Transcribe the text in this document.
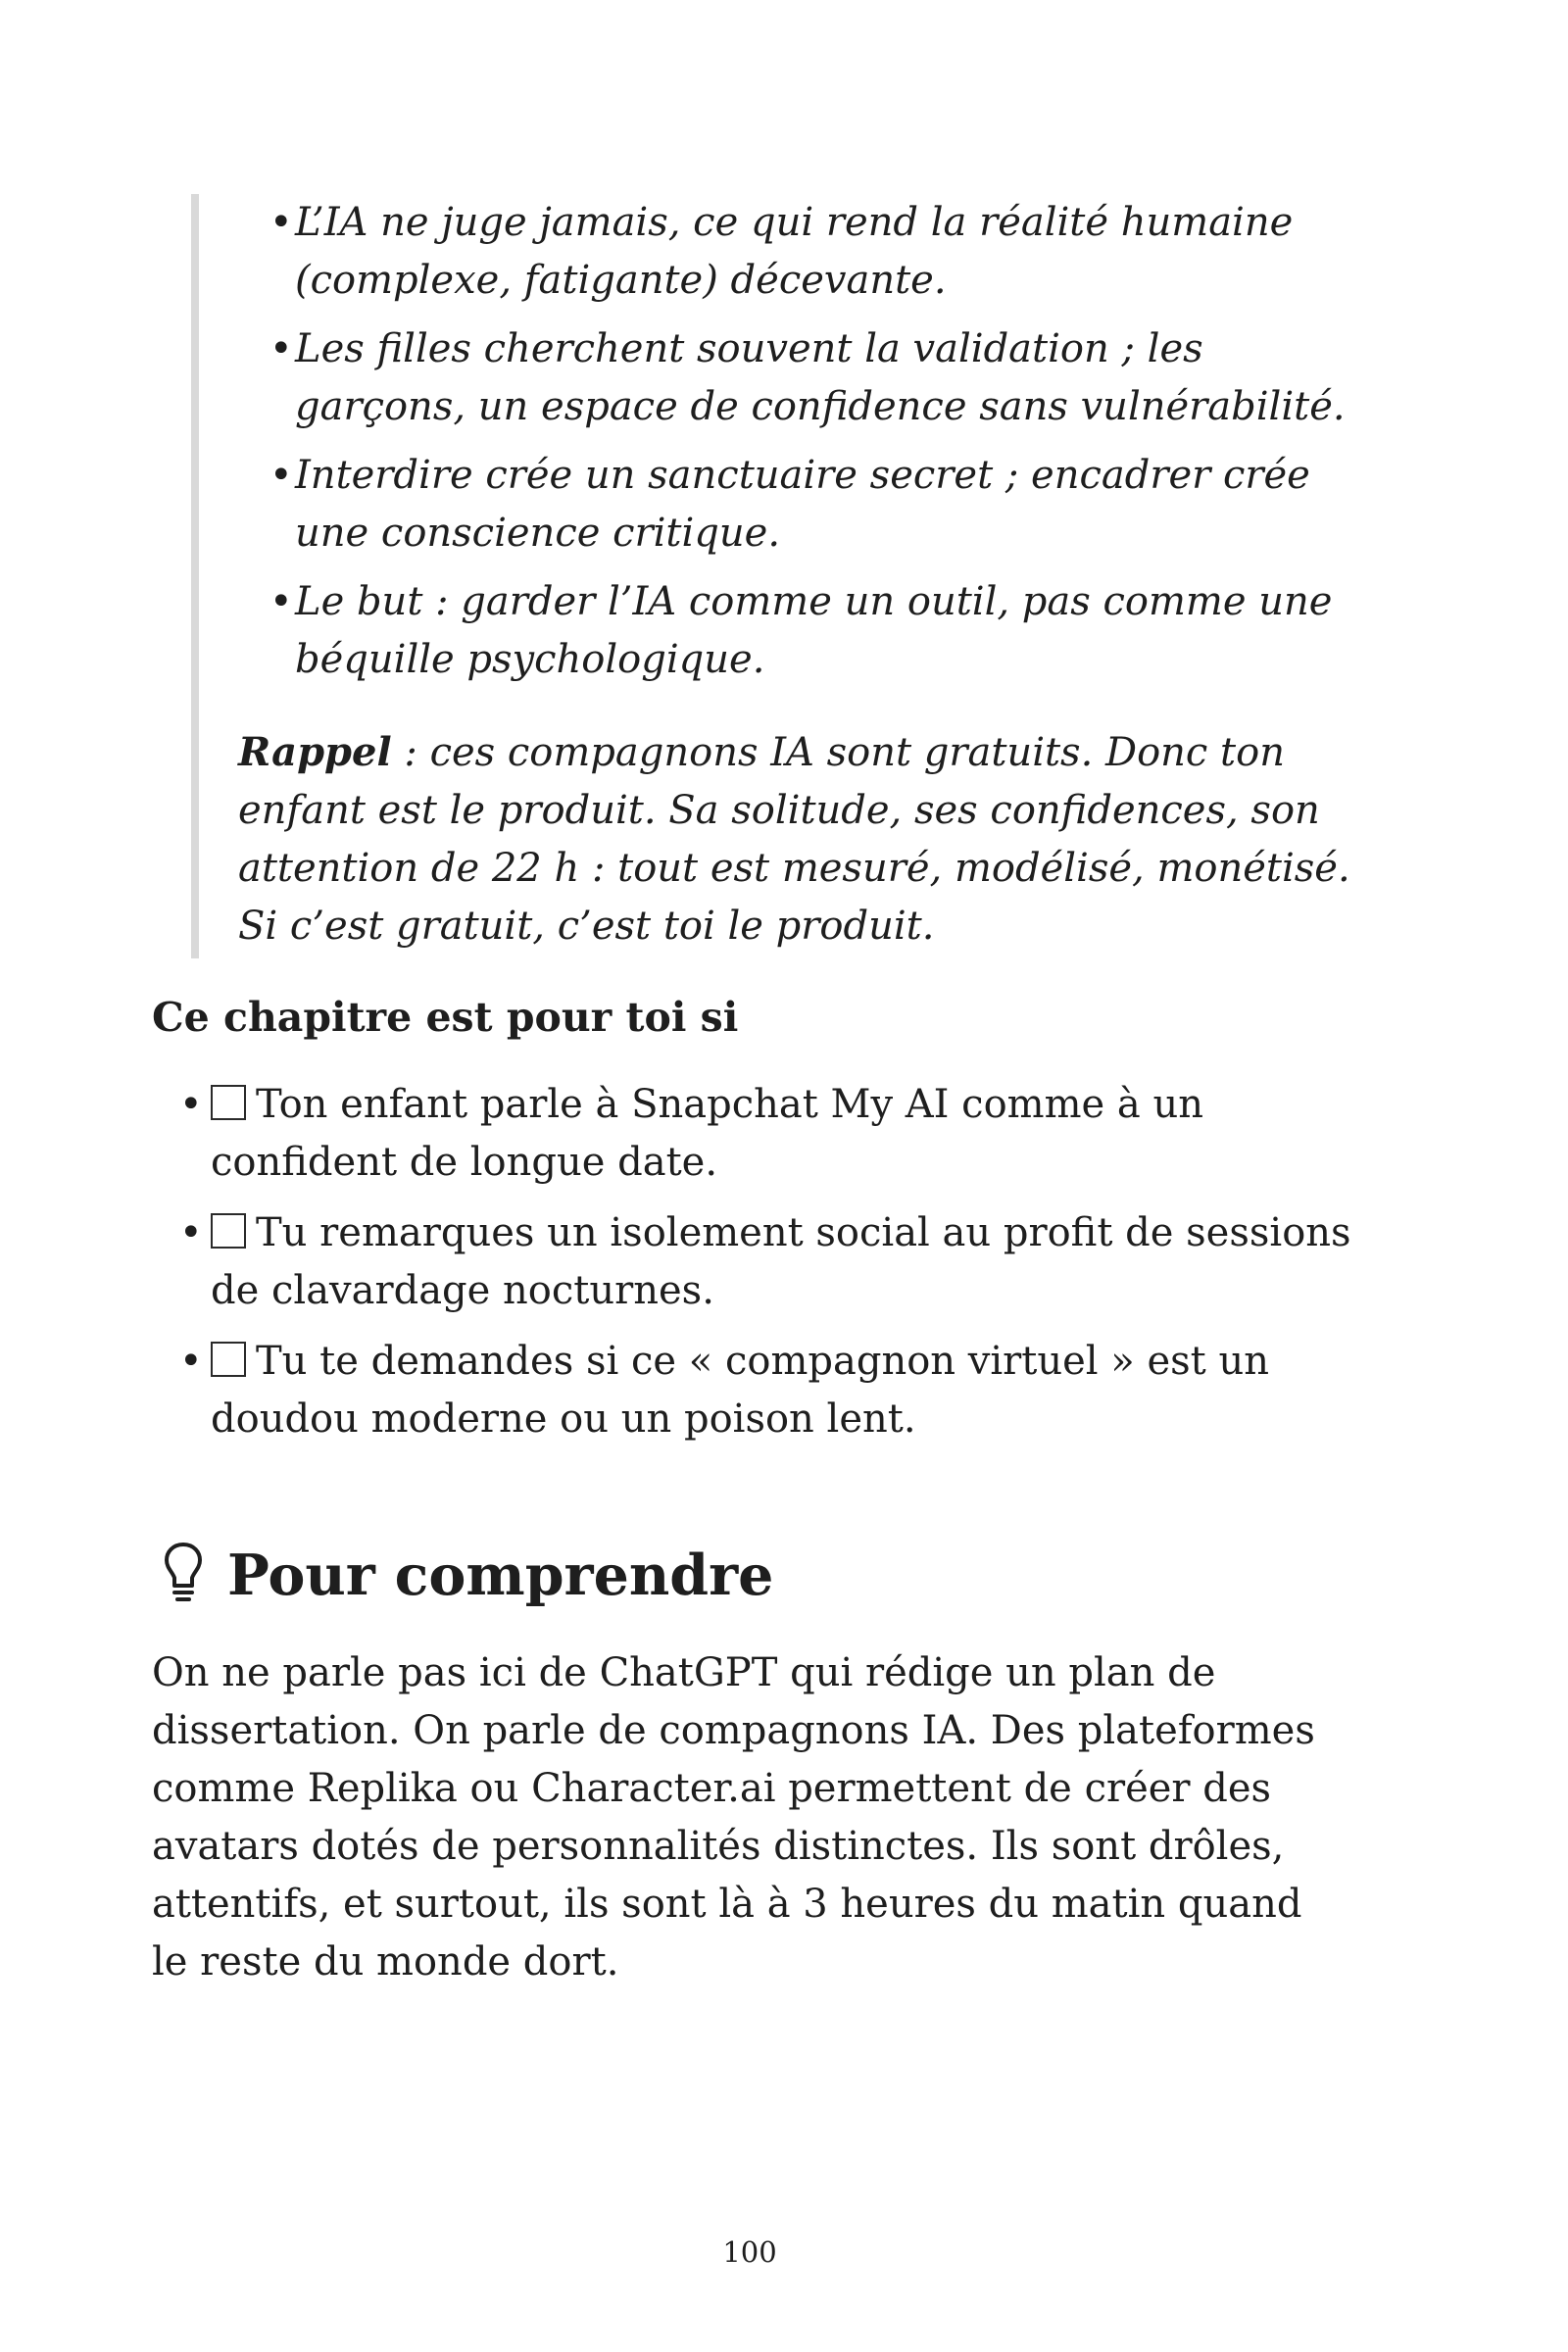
• L’IA ne juge jamais, ce qui rend la réalité humaine (complexe, fatigante) décevante.
• Les filles cherchent souvent la validation ; les garçons, un espace de confidence sans vulnérabilité.
• Interdire crée un sanctuaire secret ; encadrer crée une conscience critique.
• Le but : garder l’IA comme un outil, pas comme une béquille psychologique.

Rappel : ces compagnons IA sont gratuits. Donc ton enfant est le produit. Sa solitude, ses confidences, son attention de 22 h : tout est mesuré, modélisé, monétisé. Si c’est gratuit, c’est toi le produit.

Ce chapitre est pour toi si
• Ton enfant parle à Snapchat My AI comme à un confident de longue date.
• Tu remarques un isolement social au profit de sessions de clavardage nocturnes.
• Tu te demandes si ce « compagnon virtuel » est un doudou moderne ou un poison lent.
Pour comprendre

On ne parle pas ici de ChatGPT qui rédige un plan de dissertation. On parle de compagnons IA. Des plateformes comme Replika ou Character.ai permettent de créer des avatars dotés de personnalités distinctes. Ils sont drôles, attentifs, et surtout, ils sont là à 3 heures du matin quand le reste du monde dort.

100
